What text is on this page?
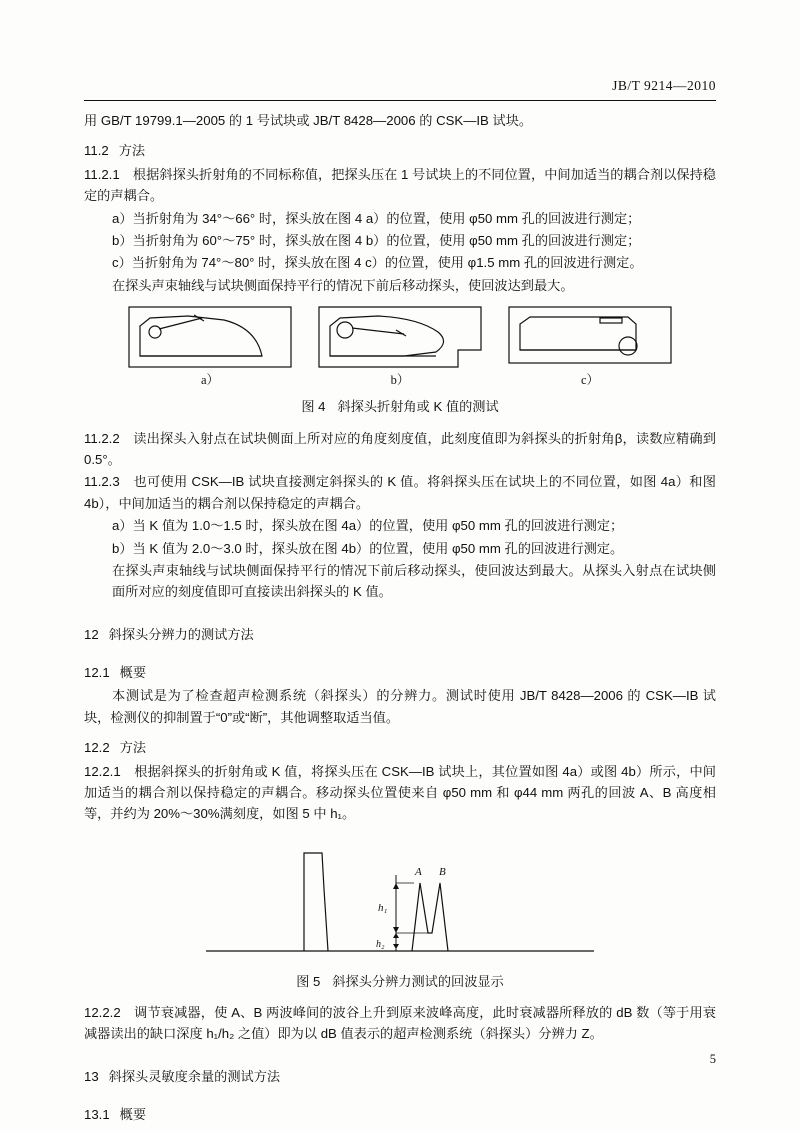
JB/T 9214—2010

用 GB/T 19799.1—2005 的 1 号试块或 JB/T 8428—2006 的 CSK—IB 试块。

11.2 方法

11.2.1　根据斜探头折射角的不同标称值，把探头压在 1 号试块上的不同位置，中间加适当的耦合剂以保持稳定的声耦合。

a）当折射角为 34°～66° 时，探头放在图 4 a）的位置，使用 φ50 mm 孔的回波进行测定；

b）当折射角为 60°～75° 时，探头放在图 4 b）的位置，使用 φ50 mm 孔的回波进行测定；

c）当折射角为 74°～80° 时，探头放在图 4 c）的位置，使用 φ1.5 mm 孔的回波进行测定。

在探头声束轴线与试块侧面保持平行的情况下前后移动探头，使回波达到最大。

a）	b）	c）
图 4 斜探头折射角或 K 值的测试

11.2.2　读出探头入射点在试块侧面上所对应的角度刻度值，此刻度值即为斜探头的折射角β，读数应精确到 0.5°。

11.2.3　也可使用 CSK—IB 试块直接测定斜探头的 K 值。将斜探头压在试块上的不同位置，如图 4a）和图 4b），中间加适当的耦合剂以保持稳定的声耦合。

a）当 K 值为 1.0～1.5 时，探头放在图 4a）的位置，使用 φ50 mm 孔的回波进行测定；

b）当 K 值为 2.0～3.0 时，探头放在图 4b）的位置，使用 φ50 mm 孔的回波进行测定。

在探头声束轴线与试块侧面保持平行的情况下前后移动探头，使回波达到最大。从探头入射点在试块侧面所对应的刻度值即可直接读出斜探头的 K 值。

12 斜探头分辨力的测试方法

12.1 概要

本测试是为了检查超声检测系统（斜探头）的分辨力。测试时使用 JB/T 8428—2006 的 CSK—IB 试块，检测仪的抑制置于“0”或“断”，其他调整取适当值。

12.2 方法

12.2.1　根据斜探头的折射角或 K 值，将探头压在 CSK—IB 试块上，其位置如图 4a）或图 4b）所示，中间加适当的耦合剂以保持稳定的声耦合。移动探头位置使来自 φ50 mm 和 φ44 mm 两孔的回波 A、B 高度相等，并约为 20%～30%满刻度，如图 5 中 h₁。

A B
h₁
h₂
图 5 斜探头分辨力测试的回波显示

12.2.2　调节衰减器，使 A、B 两波峰间的波谷上升到原来波峰高度，此时衰减器所释放的 dB 数（等于用衰减器读出的缺口深度 h₁/h₂ 之值）即为以 dB 值表示的超声检测系统（斜探头）分辨力 Z。

13 斜探头灵敏度余量的测试方法

13.1 概要

5
